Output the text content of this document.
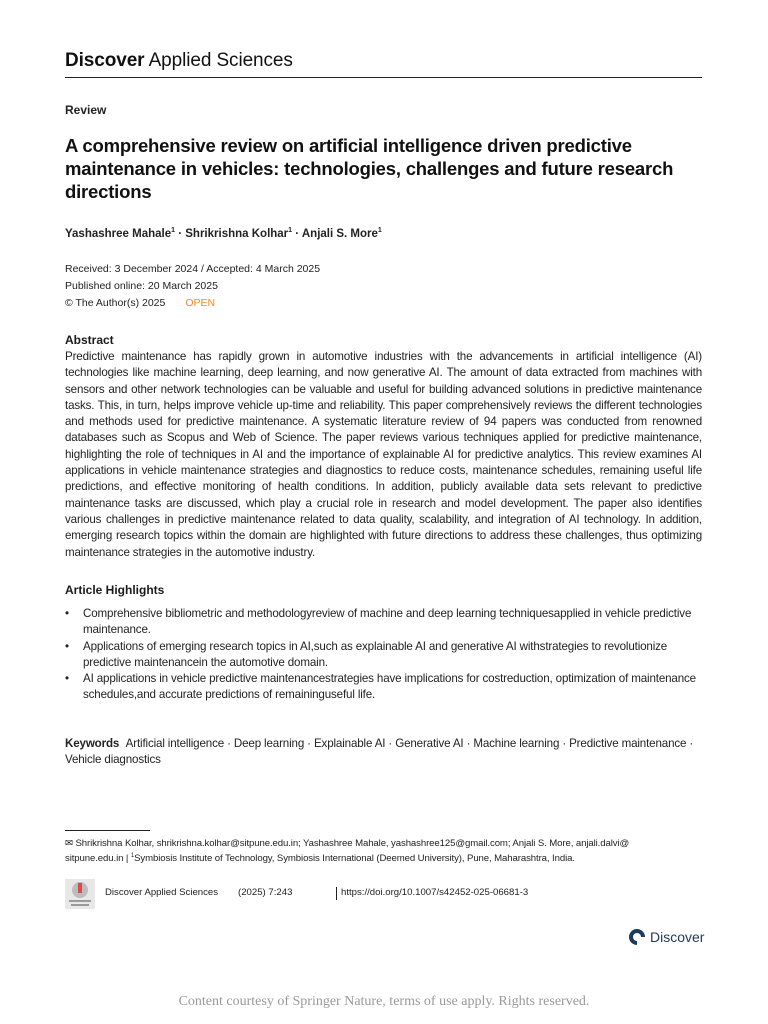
Discover Applied Sciences
Review
A comprehensive review on artificial intelligence driven predictive maintenance in vehicles: technologies, challenges and future research directions
Yashashree Mahale$^1$ · Shrikrishna Kolhar$^1$ · Anjali S. More$^1$
Received: 3 December 2024 / Accepted: 4 March 2025
Published online: 20 March 2025
© The Author(s) 2025 OPEN
Abstract
Predictive maintenance has rapidly grown in automotive industries with the advancements in artificial intelligence (AI) technologies like machine learning, deep learning, and now generative AI. The amount of data extracted from machines with sensors and other network technologies can be valuable and useful for building advanced solutions in predictive maintenance tasks. This, in turn, helps improve vehicle up-time and reliability. This paper comprehensively reviews the different technologies and methods used for predictive maintenance. A systematic literature review of 94 papers was conducted from renowned databases such as Scopus and Web of Science. The paper reviews various techniques applied for predictive maintenance, highlighting the role of techniques in AI and the importance of explainable AI for predictive analytics. This review examines AI applications in vehicle maintenance strategies and diagnostics to reduce costs, maintenance schedules, remaining useful life predictions, and effective monitoring of health conditions. In addition, publicly available data sets relevant to predictive maintenance tasks are discussed, which play a crucial role in research and model development. The paper also identifies various challenges in predictive maintenance related to data quality, scalability, and integration of AI technology. In addition, emerging research topics within the domain are highlighted with future directions to address these challenges, thus optimizing maintenance strategies in the automotive industry.
Article Highlights
• Comprehensive bibliometric and methodologyreview of machine and deep learning techniquesapplied in vehicle predictive maintenance.
• Applications of emerging research topics in AI,such as explainable AI and generative AI withstrategies to revolutionize predictive maintenancein the automotive domain.
• AI applications in vehicle predictive maintenancestrategies have implications for costreduction, optimization of maintenance schedules,and accurate predictions of remaininguseful life.
Keywords Artificial intelligence · Deep learning · Explainable AI · Generative AI · Machine learning · Predictive maintenance · Vehicle diagnostics
✉ Shrikrishna Kolhar, shrikrishna.kolhar@sitpune.edu.in; Yashashree Mahale, yashashree125@gmail.com; Anjali S. More, anjali.dalvi@
sitpune.edu.in | $^1$Symbiosis Institute of Technology, Symbiosis International (Deemed University), Pune, Maharashtra, India.
Discover Applied Sciences (2025) 7:243	https://doi.org/10.1007/s42452-025-06681-3
Discover
Content courtesy of Springer Nature, terms of use apply. Rights reserved.
